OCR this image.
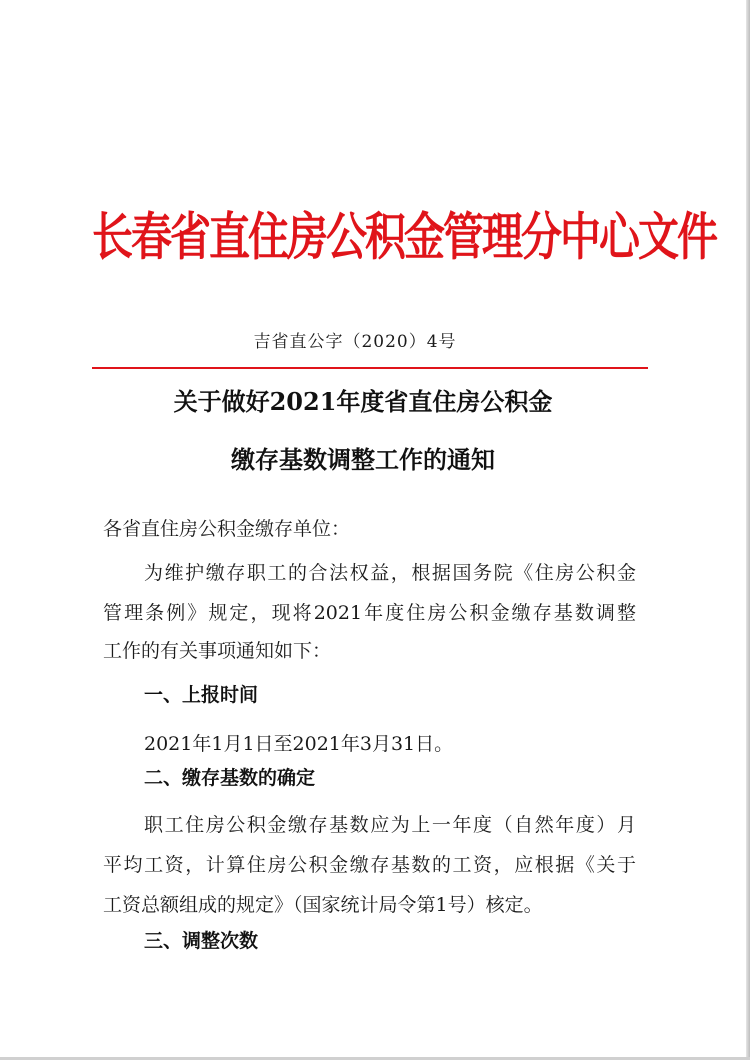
长春省直住房公积金管理分中心文件
吉省直公字（2020）4号
关于做好2021年度省直住房公积金
缴存基数调整工作的通知
各省直住房公积金缴存单位：
为维护缴存职工的合法权益，根据国务院《住房公积金
管理条例》规定，现将2021年度住房公积金缴存基数调整
工作的有关事项通知如下：
一、上报时间
2021年1月1日至2021年3月31日。
二、缴存基数的确定
职工住房公积金缴存基数应为上一年度（自然年度）月
平均工资，计算住房公积金缴存基数的工资，应根据《关于
工资总额组成的规定》（国家统计局令第1号）核定。
三、调整次数
